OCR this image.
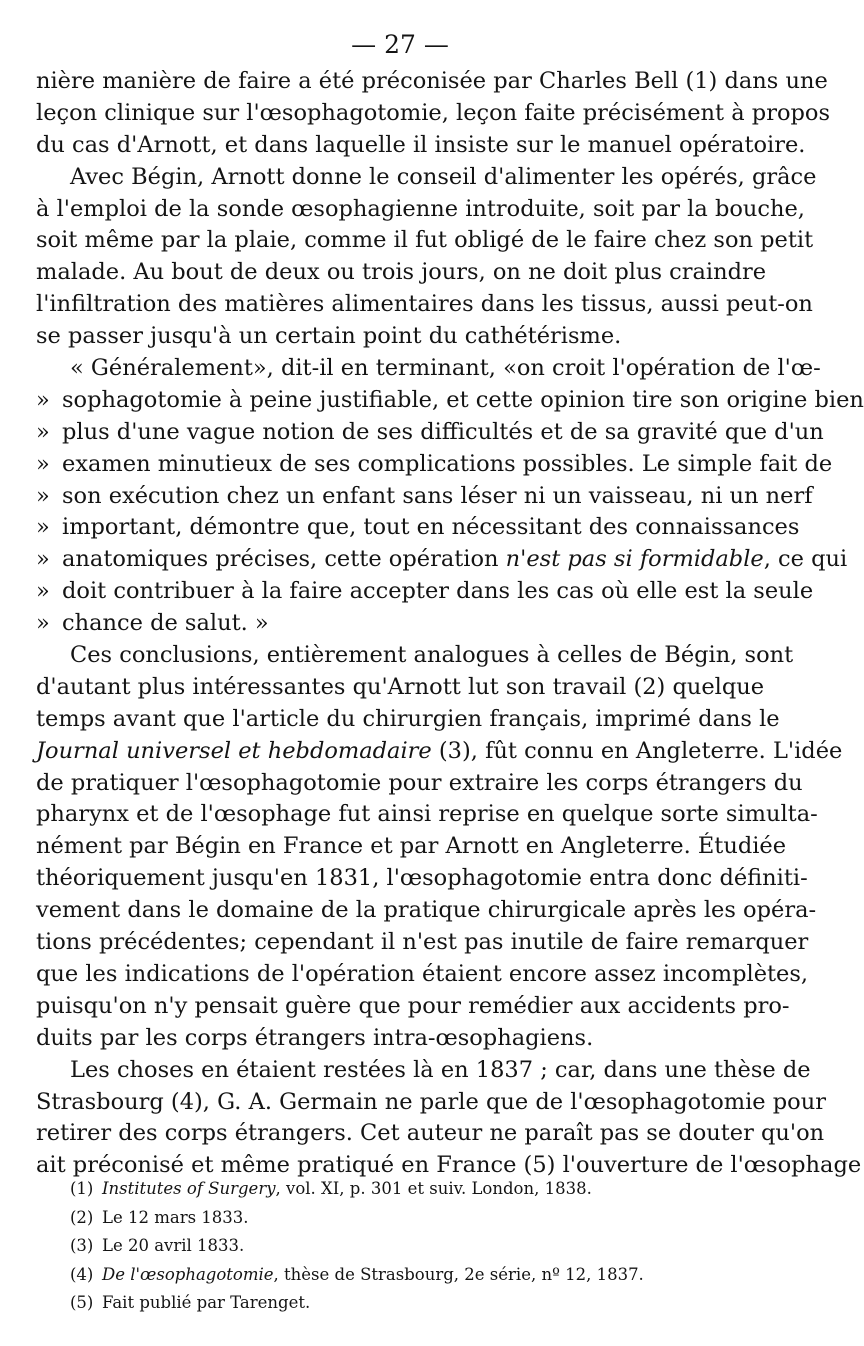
— 27 —
nière manière de faire a été préconisée par Charles Bell (1) dans une
leçon clinique sur l'œsophagotomie, leçon faite précisément à propos
du cas d'Arnott, et dans laquelle il insiste sur le manuel opératoire.
Avec Bégin, Arnott donne le conseil d'alimenter les opérés, grâce
à l'emploi de la sonde œsophagienne introduite, soit par la bouche,
soit même par la plaie, comme il fut obligé de le faire chez son petit
malade. Au bout de deux ou trois jours, on ne doit plus craindre
l'infiltration des matières alimentaires dans les tissus, aussi peut-on
se passer jusqu'à un certain point du cathétérisme.
« Généralement», dit-il en terminant, «on croit l'opération de l'œ-
» sophagotomie à peine justifiable, et cette opinion tire son origine bien
» plus d'une vague notion de ses difficultés et de sa gravité que d'un
» examen minutieux de ses complications possibles. Le simple fait de
» son exécution chez un enfant sans léser ni un vaisseau, ni un nerf
» important, démontre que, tout en nécessitant des connaissances
» anatomiques précises, cette opération n'est pas si formidable, ce qui
» doit contribuer à la faire accepter dans les cas où elle est la seule
» chance de salut. »
Ces conclusions, entièrement analogues à celles de Bégin, sont
d'autant plus intéressantes qu'Arnott lut son travail (2) quelque
temps avant que l'article du chirurgien français, imprimé dans le
Journal universel et hebdomadaire (3), fût connu en Angleterre. L'idée
de pratiquer l'œsophagotomie pour extraire les corps étrangers du
pharynx et de l'œsophage fut ainsi reprise en quelque sorte simulta-
nément par Bégin en France et par Arnott en Angleterre. Étudiée
théoriquement jusqu'en 1831, l'œsophagotomie entra donc définiti-
vement dans le domaine de la pratique chirurgicale après les opéra-
tions précédentes; cependant il n'est pas inutile de faire remarquer
que les indications de l'opération étaient encore assez incomplètes,
puisqu'on n'y pensait guère que pour remédier aux accidents pro-
duits par les corps étrangers intra-œsophagiens.
Les choses en étaient restées là en 1837 ; car, dans une thèse de
Strasbourg (4), G. A. Germain ne parle que de l'œsophagotomie pour
retirer des corps étrangers. Cet auteur ne paraît pas se douter qu'on
ait préconisé et même pratiqué en France (5) l'ouverture de l'œsophage
(1) Institutes of Surgery, vol. XI, p. 301 et suiv. London, 1838.
(2) Le 12 mars 1833.
(3) Le 20 avril 1833.
(4) De l'œsophagotomie, thèse de Strasbourg, 2e série, nº 12, 1837.
(5) Fait publié par Tarenget.
